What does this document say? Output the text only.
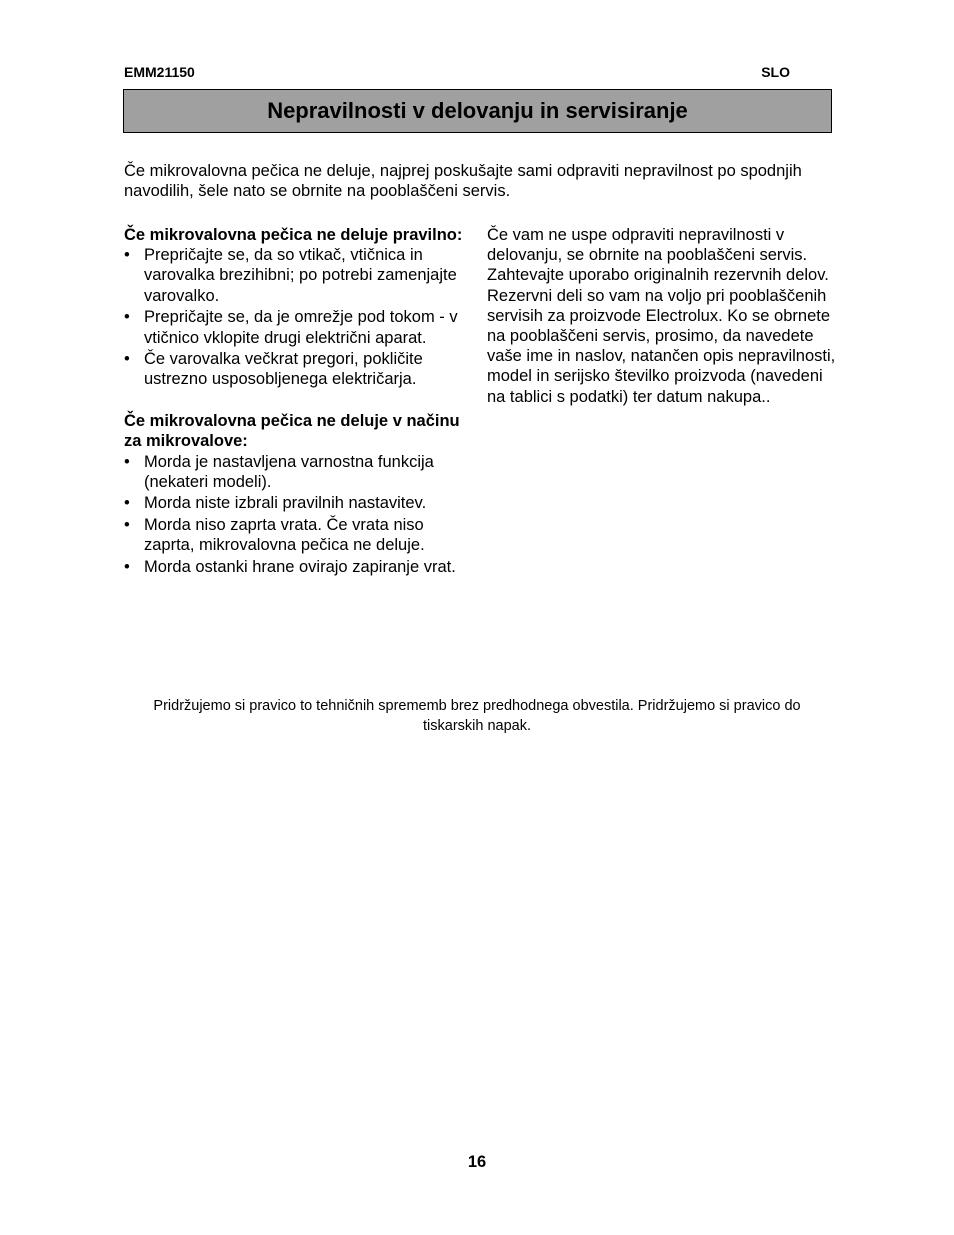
EMM21150	SLO
Nepravilnosti v delovanju in servisiranje
Če mikrovalovna pečica ne deluje, najprej poskušajte sami odpraviti nepravilnost po spodnjih navodilih, šele nato se obrnite na pooblaščeni servis.

Če mikrovalovna pečica ne deluje pravilno:

• Prepričajte se, da so vtikač, vtičnica in varovalka brezihibni; po potrebi zamenjajte varovalko.
• Prepričajte se, da je omrežje pod tokom - v vtičnico vklopite drugi električni aparat.
• Če varovalka večkrat pregori, pokličite ustrezno usposobljenega električarja.

Če mikrovalovna pečica ne deluje v načinu za mikrovalove:

• Morda je nastavljena varnostna funkcija (nekateri modeli).
• Morda niste izbrali pravilnih nastavitev.
• Morda niso zaprta vrata. Če vrata niso zaprta, mikrovalovna pečica ne deluje.
• Morda ostanki hrane ovirajo zapiranje vrat.

Če vam ne uspe odpraviti nepravilnosti v delovanju, se obrnite na pooblaščeni servis. Zahtevajte uporabo originalnih rezervnih delov.

Rezervni deli so vam na voljo pri pooblaščenih servisih za proizvode Electrolux. Ko se obrnete na pooblaščeni servis, prosimo, da navedete vaše ime in naslov, natančen opis nepravilnosti, model in serijsko številko proizvoda (navedeni na tablici s podatki) ter datum nakupa..

Pridržujemo si pravico to tehničnih sprememb brez predhodnega obvestila. Pridržujemo si pravico do tiskarskih napak.
16
